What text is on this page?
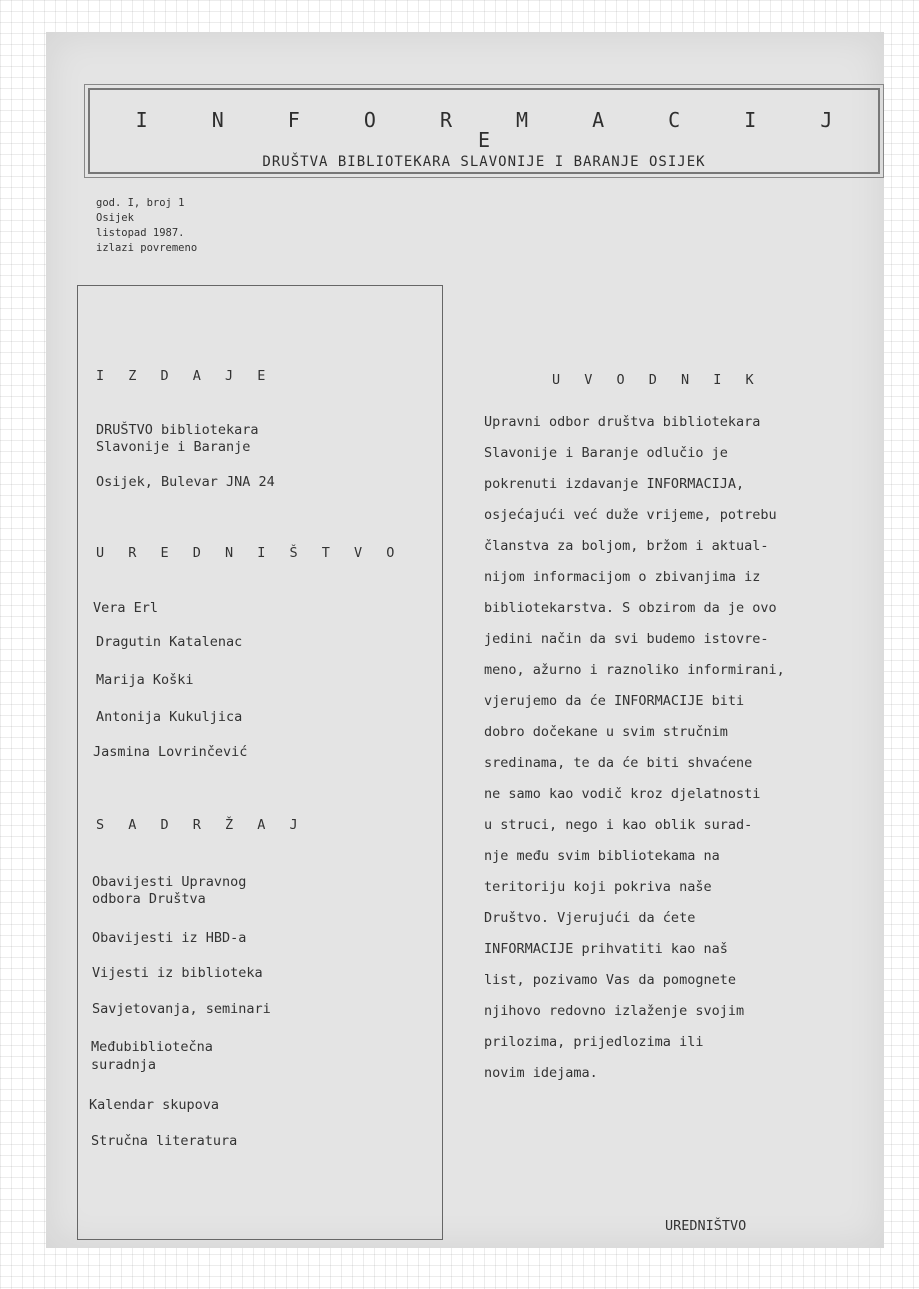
I N F O R M A C I J E
DRUŠTVA BIBLIOTEKARA SLAVONIJE I BARANJE OSIJEK
god. I, broj 1
Osijek
listopad 1987.
izlazi povremeno
I Z D A J E
DRUŠTVO bibliotekara
Slavonije i Baranje
Osijek, Bulevar JNA 24
U R E D N I Š T V O
Vera Erl
Dragutin Katalenac
Marija Koški
Antonija Kukuljica
Jasmina Lovrinčević
S A D R Ž A J
Obavijesti Upravnog
odbora Društva
Obavijesti iz HBD-a
Vijesti iz biblioteka
Savjetovanja, seminari
Međubibliotečna
suradnja
Kalendar skupova
Stručna literatura
U V O D N I K
Upravni odbor društva bibliotekara
Slavonije i Baranje odlučio je
pokrenuti izdavanje INFORMACIJA,
osjećajući već duže vrijeme, potrebu
članstva za boljom, bržom i aktual-
nijom informacijom o zbivanjima iz
bibliotekarstva. S obzirom da je ovo
jedini način da svi budemo istovre-
meno, ažurno i raznoliko informirani,
vjerujemo da će INFORMACIJE biti
dobro dočekane u svim stručnim
sredinama, te da će biti shvaćene
ne samo kao vodič kroz djelatnosti
u struci, nego i kao oblik surad-
nje među svim bibliotekama na
teritoriju koji pokriva naše
Društvo. Vjerujući da ćete
INFORMACIJE prihvatiti kao naš
list, pozivamo Vas da pomognete
njihovo redovno izlaženje svojim
prilozima, prijedlozima ili
novim idejama.
UREDNIŠTVO
